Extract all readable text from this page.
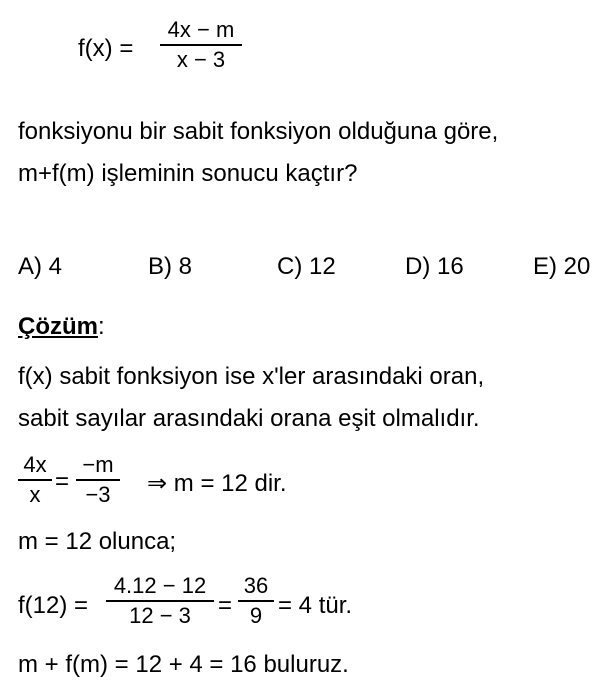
f(x) =
4x − m
x − 3
fonksiyonu bir sabit fonksiyon olduğuna göre,
m+f(m) işleminin sonucu kaçtır?
A) 4	B) 8	C) 12	D) 16	E) 20
Çözüm:
f(x) sabit fonksiyon ise x'ler arasındaki oran,
sabit sayılar arasındaki orana eşit olmalıdır.
4x
x =
−m
−3 ⇒ m = 12 dir.
m = 12 olunca;
f(12) =
4.12 − 12
12 − 3 =
36
9 = 4 tür.
m + f(m) = 12 + 4 = 16 buluruz.
